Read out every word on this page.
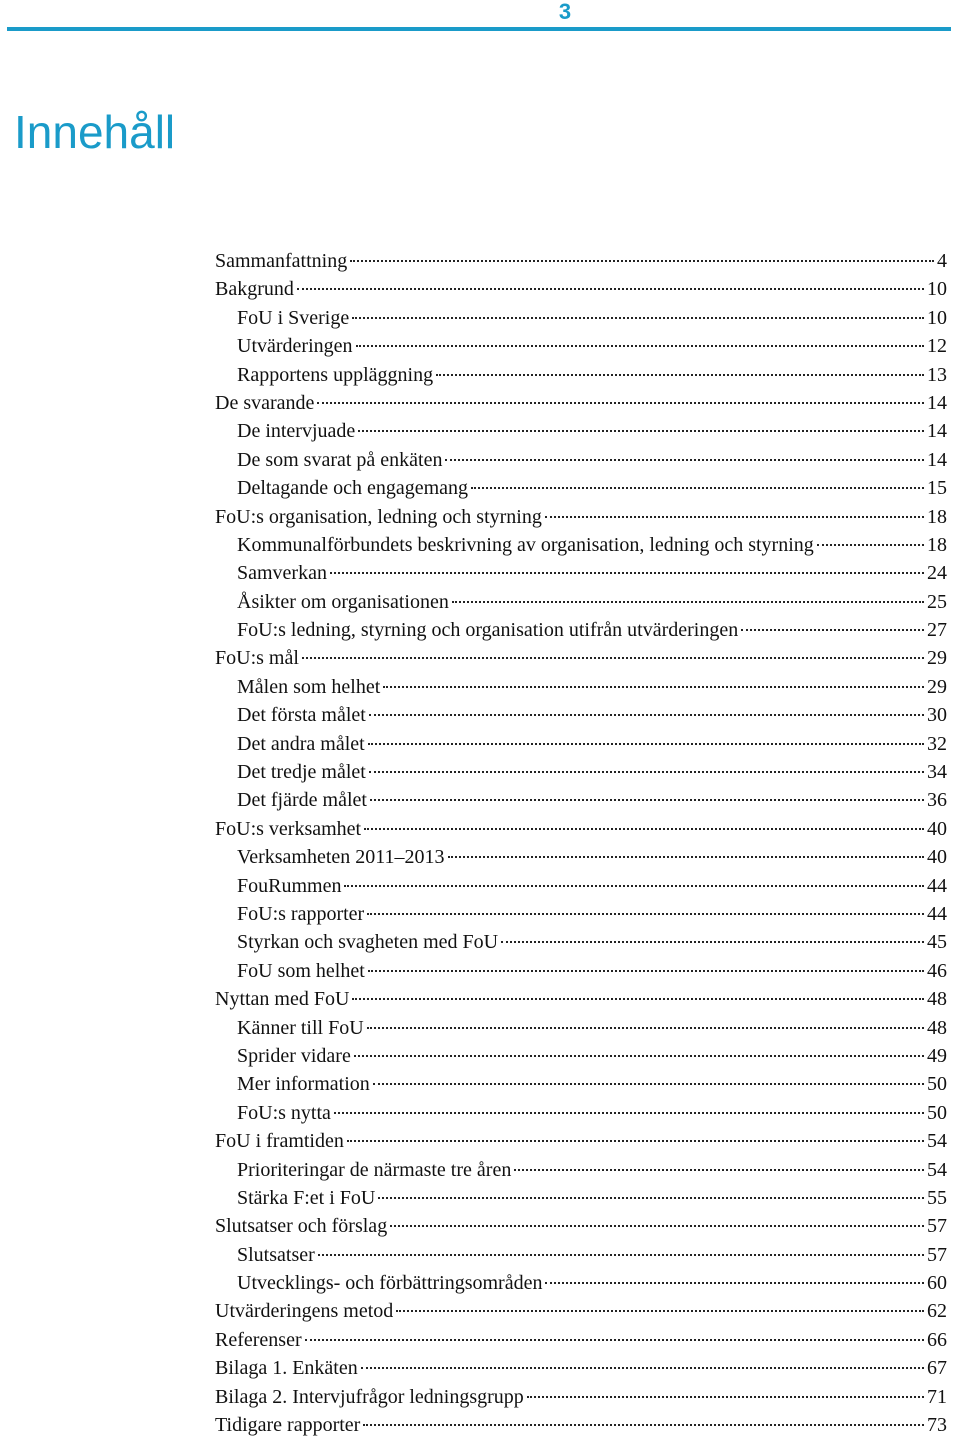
3
Innehåll
Sammanfattning	4
Bakgrund	10
FoU i Sverige	10
Utvärderingen	12
Rapportens uppläggning	13
De svarande	14
De intervjuade	14
De som svarat på enkäten	14
Deltagande och engagemang	15
FoU:s organisation, ledning och styrning	18
Kommunalförbundets beskrivning av organisation, ledning och styrning	18
Samverkan	24
Åsikter om organisationen	25
FoU:s ledning, styrning och organisation utifrån utvärderingen	27
FoU:s mål	29
Målen som helhet	29
Det första målet	30
Det andra målet	32
Det tredje målet	34
Det fjärde målet	36
FoU:s verksamhet	40
Verksamheten 2011–2013	40
FouRummen	44
FoU:s rapporter	44
Styrkan och svagheten med FoU	45
FoU som helhet	46
Nyttan med FoU	48
Känner till FoU	48
Sprider vidare	49
Mer information	50
FoU:s nytta	50
FoU i framtiden	54
Prioriteringar de närmaste tre åren	54
Stärka F:et i FoU	55
Slutsatser och förslag	57
Slutsatser	57
Utvecklings- och förbättringsområden	60
Utvärderingens metod	62
Referenser	66
Bilaga 1. Enkäten	67
Bilaga 2. Intervjufrågor ledningsgrupp	71
Tidigare rapporter	73
